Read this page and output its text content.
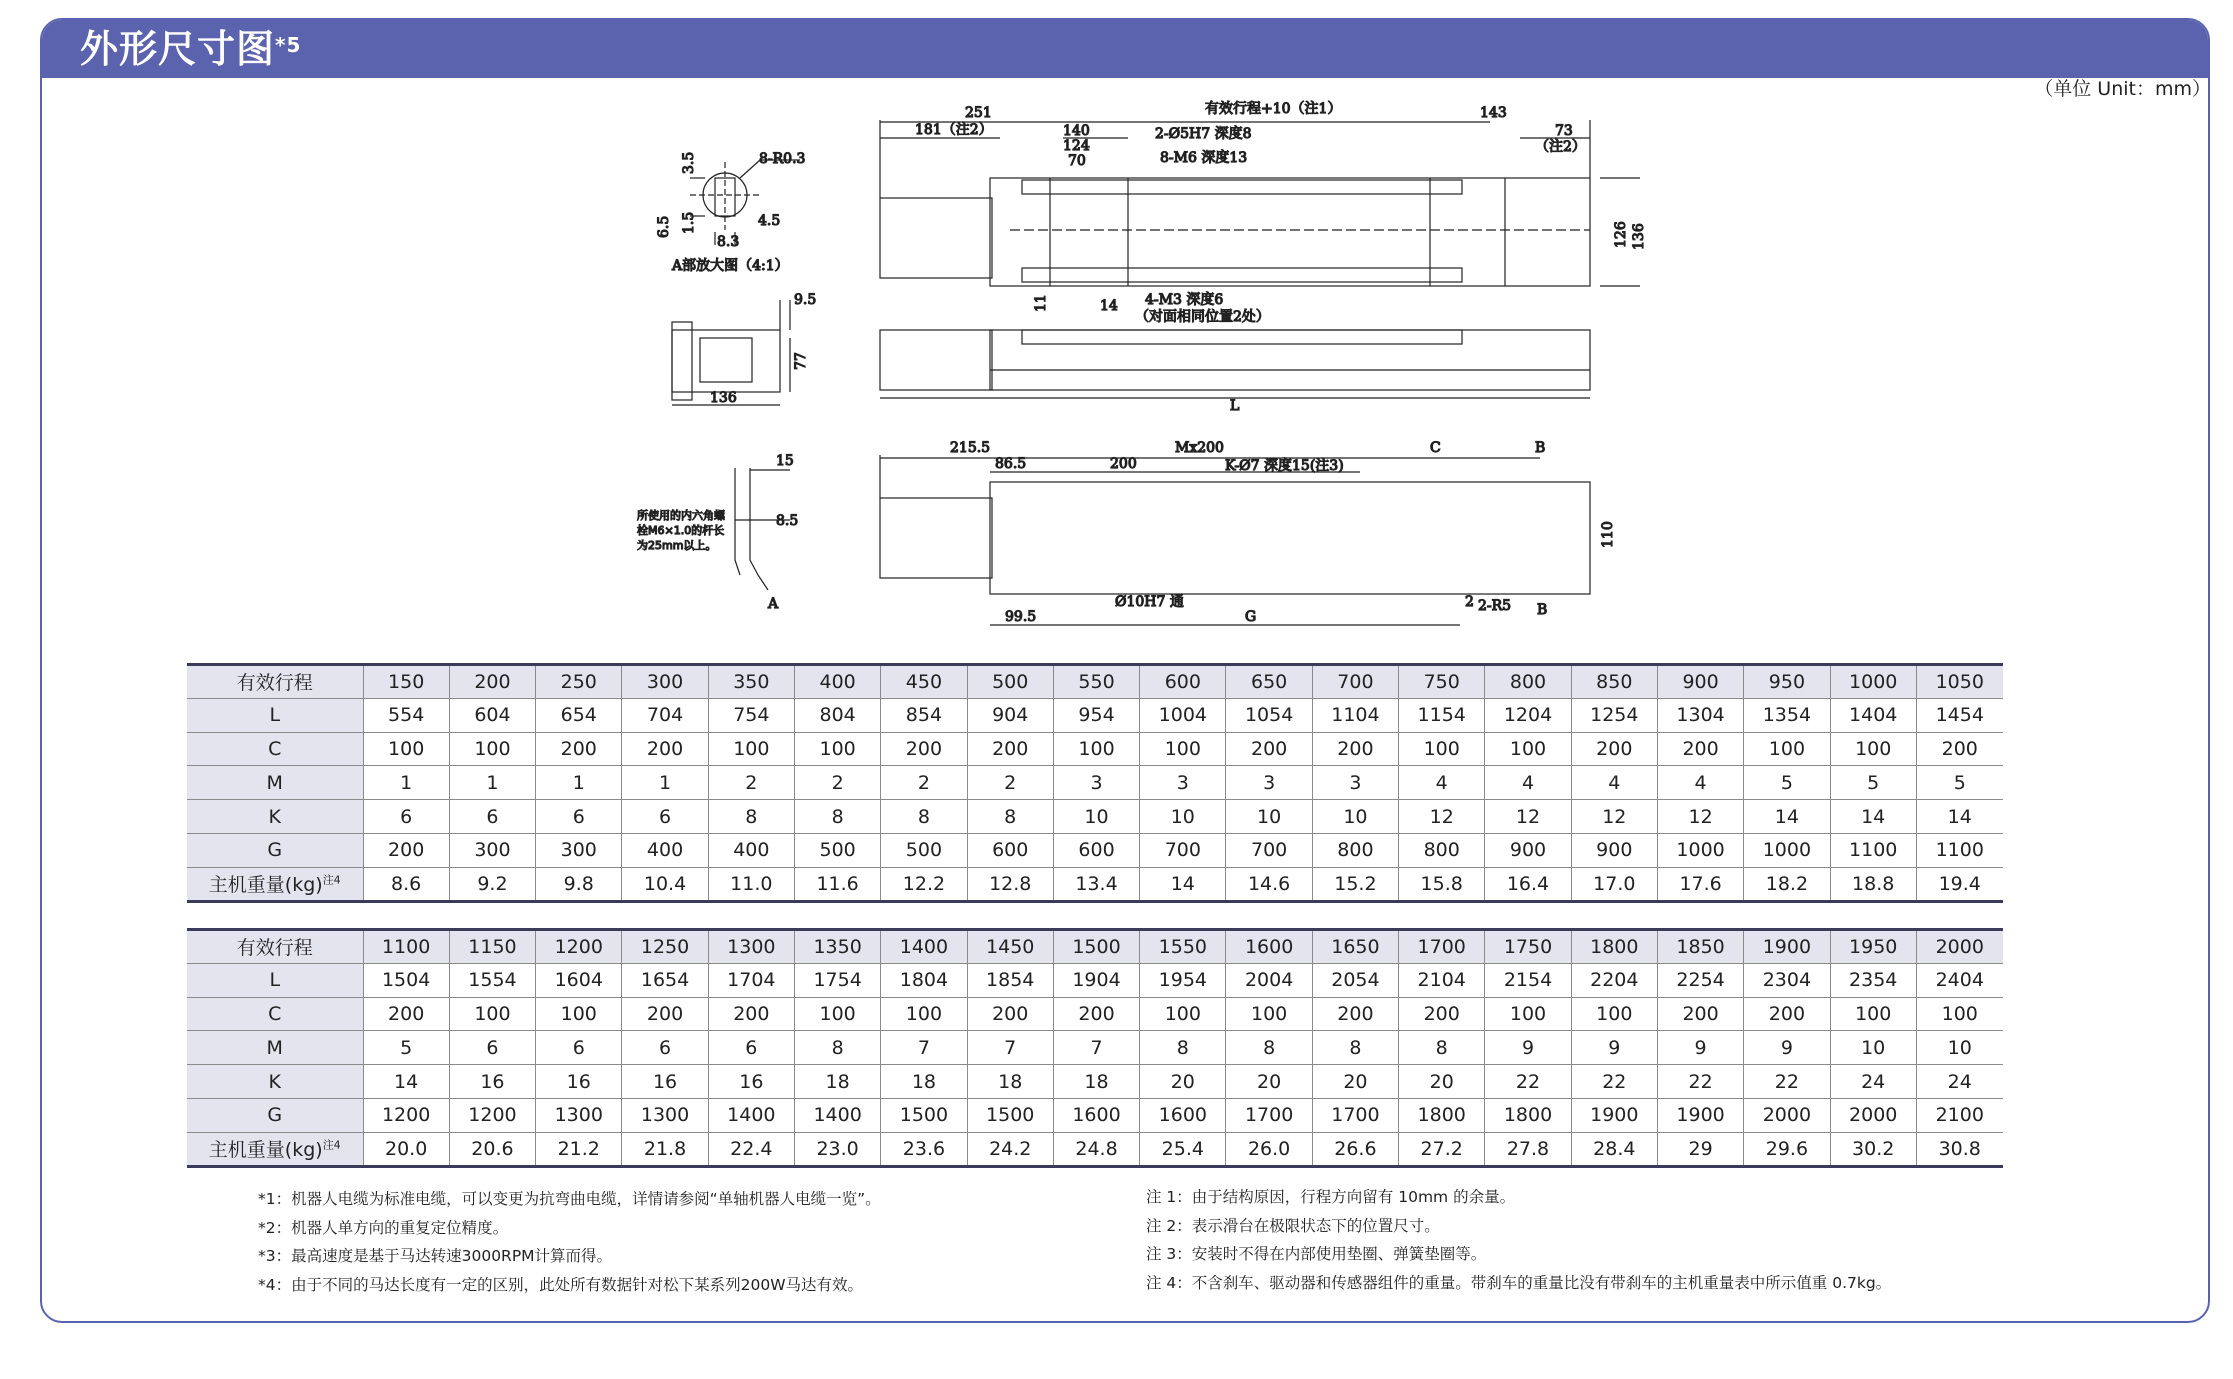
外形尺寸图$^{*5}$
（单位 Unit：mm）
8-R0.3
3.5
6.5 1.5	4.5
8.3
A部放大图（4:1）
9.5
77
136
15
8.5
A
所使用的内六角螺
栓M6×1.0的杆长
为25mm以上。
251
181（注2）
有效行程+10（注1）	143
140
124
70
73
（注2）
2-Ø5H7 深度8
8-M6 深度13
126 136
11	14 4-M3 深度6
（对面相同位置2处）
L
215.5	Mx200	C	B
86.5	200	K-Ø7 深度15(注3)
110
99.5
Ø10H7 通
G
2 2-R5 B
有效行程	150	200	250	300	350	400	450	500	550	600	650	700	750	800	850	900	950	1000	1050
L	554	604	654	704	754	804	854	904	954	1004	1054	1104	1154	1204	1254	1304	1354	1404	1454
C	100	100	200	200	100	100	200	200	100	100	200	200	100	100	200	200	100	100	200
M	1	1	1	1	2	2	2	2	3	3	3	3	4	4	4	4	5	5	5
K	6	6	6	6	8	8	8	8	10	10	10	10	12	12	12	12	14	14	14
G	200	300	300	400	400	500	500	600	600	700	700	800	800	900	900	1000	1000	1100	1100
主机重量(kg)$^{注4}$	8.6	9.2	9.8	10.4	11.0	11.6	12.2	12.8	13.4	14	14.6	15.2	15.8	16.4	17.0	17.6	18.2	18.8	19.4
有效行程	1100	1150	1200	1250	1300	1350	1400	1450	1500	1550	1600	1650	1700	1750	1800	1850	1900	1950	2000
L	1504	1554	1604	1654	1704	1754	1804	1854	1904	1954	2004	2054	2104	2154	2204	2254	2304	2354	2404
C	200	100	100	200	200	100	100	200	200	100	100	200	200	100	100	200	200	100	100
M	5	6	6	6	6	8	7	7	7	8	8	8	8	9	9	9	9	10	10
K	14	16	16	16	16	18	18	18	18	20	20	20	20	22	22	22	22	24	24
G	1200	1200	1300	1300	1400	1400	1500	1500	1600	1600	1700	1700	1800	1800	1900	1900	2000	2000	2100
主机重量(kg)$^{注4}$	20.0	20.6	21.2	21.8	22.4	23.0	23.6	24.2	24.8	25.4	26.0	26.6	27.2	27.8	28.4	29	29.6	30.2	30.8
*1：机器人电缆为标准电缆，可以变更为抗弯曲电缆，详情请参阅“单轴机器人电缆一览”。
*2：机器人单方向的重复定位精度。
*3：最高速度是基于马达转速3000RPM计算而得。
*4：由于不同的马达长度有一定的区别，此处所有数据针对松下某系列200W马达有效。
注 1：由于结构原因，行程方向留有 10mm 的余量。
注 2：表示滑台在极限状态下的位置尺寸。
注 3：安装时不得在内部使用垫圈、弹簧垫圈等。
注 4：不含刹车、驱动器和传感器组件的重量。带刹车的重量比没有带刹车的主机重量表中所示值重 0.7kg。
